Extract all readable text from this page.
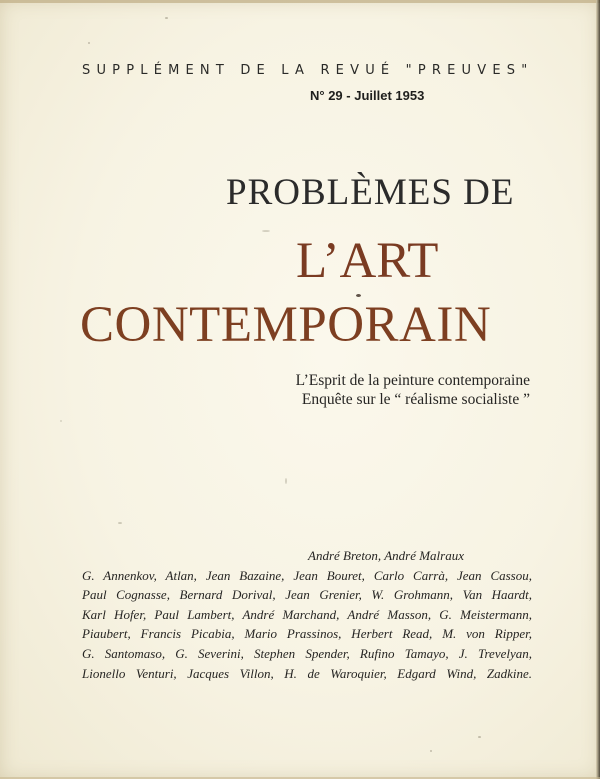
SUPPLÉMENT DE LA REVUÉ "PREUVES"
N° 29 - Juillet 1953
PROBLÈMES DE
L’ART
CONTEMPORAIN
L’Esprit de la peinture contemporaine
Enquête sur le “ réalisme socialiste ”
André Breton, André Malraux
G. Annenkov, Atlan, Jean Bazaine, Jean Bouret, Carlo Carrà, Jean Cassou,
Paul Cognasse, Bernard Dorival, Jean Grenier, W. Grohmann, Van Haardt,
Karl Hofer, Paul Lambert, André Marchand, André Masson, G. Meistermann,
Piaubert, Francis Picabia, Mario Prassinos, Herbert Read, M. von Ripper,
G. Santomaso, G. Severini, Stephen Spender, Rufino Tamayo, J. Trevelyan,
Lionello Venturi, Jacques Villon, H. de Waroquier, Edgard Wind, Zadkine.
